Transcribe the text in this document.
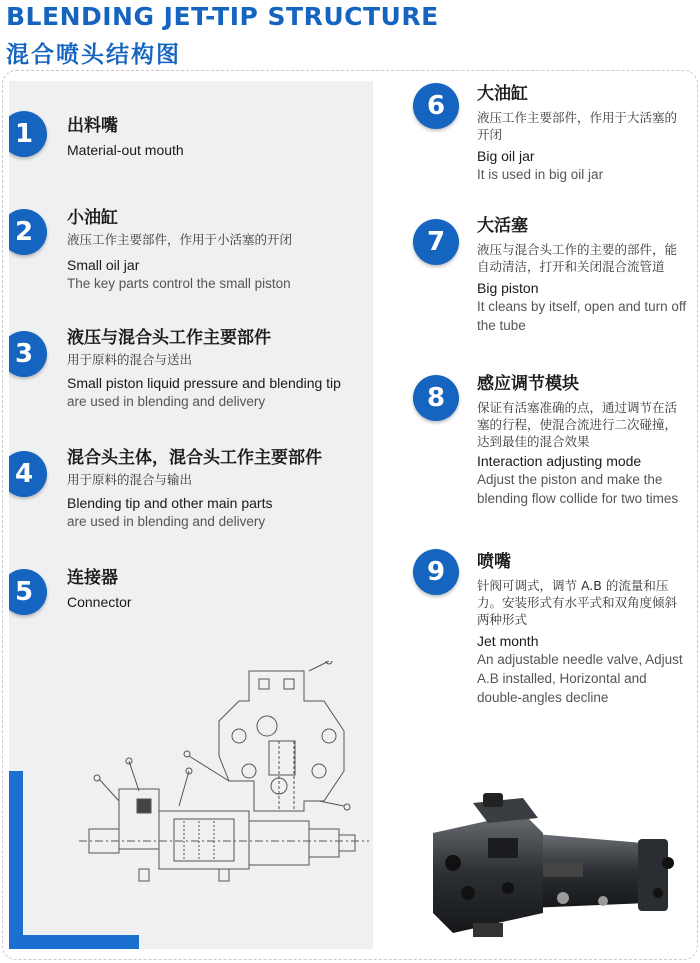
BLENDING JET-TIP STRUCTURE
混合喷头结构图
1	出料嘴
Material-out mouth
2	小油缸
液压工作主要部件，作用于小活塞的开闭
Small oil jar
The key parts control the small piston
3
液压与混合头工作主要部件
用于原料的混合与送出
Small piston liquid pressure and blending tip
are used in blending and delivery
4
混合头主体，混合头工作主要部件
用于原料的混合与输出
Blending tip and other main parts
are used in blending and delivery
5	连接器
Connector
6	大油缸
液压工作主要部件，作用于大活塞的开闭
Big oil jar
It is used in big oil jar
7
大活塞
液压与混合头工作的主要的部件，能自动清洁，打开和关闭混合流管道
Big piston
It cleans by itself, open and turn off the tube
8	感应调节模块
保证有活塞准确的点，通过调节在活塞的行程，使混合流进行二次碰撞，达到最佳的混合效果
Interaction adjusting mode
Adjust the piston and make the blending flow collide for two times
9	喷嘴
针阀可调式，调节 A.B 的流量和压力。安装形式有水平式和双角度倾斜两种形式
Jet month
An adjustable needle valve, Adjust A.B installed, Horizontal and double-angles decline
